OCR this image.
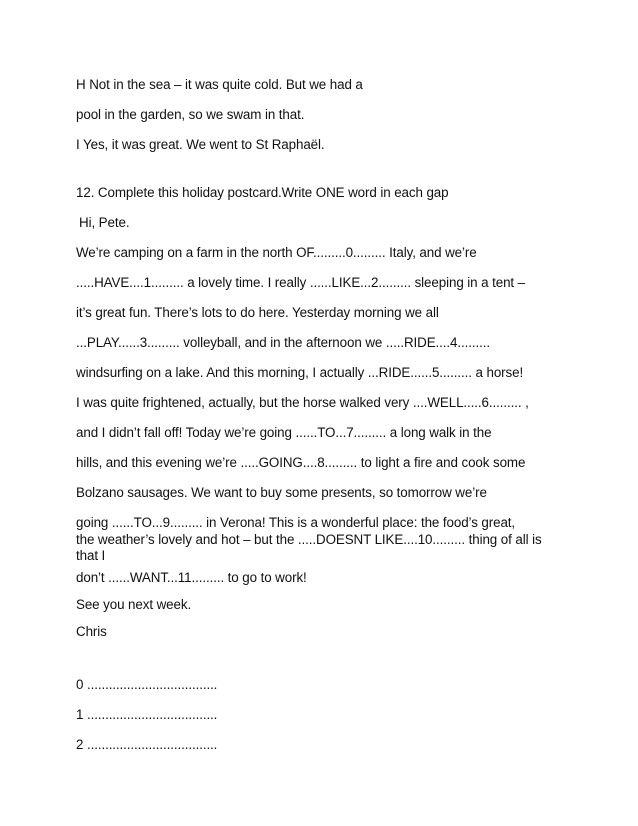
H Not in the sea – it was quite cold. But we had a
pool in the garden, so we swam in that.
I Yes, it was great. We went to St Raphaël.
12. Complete this holiday postcard.Write ONE word in each gap
Hi, Pete.
We’re camping on a farm in the north OF.........0......... Italy, and we’re
.....HAVE....1......... a lovely time. I really ......LIKE...2......... sleeping in a tent –
it’s great fun. There’s lots to do here. Yesterday morning we all
...PLAY......3......... volleyball, and in the afternoon we .....RIDE....4.........
windsurfing on a lake. And this morning, I actually ...RIDE......5......... a horse!
I was quite frightened, actually, but the horse walked very ....WELL.....6......... ,
and I didn’t fall off! Today we’re going ......TO...7......... a long walk in the
hills, and this evening we’re .....GOING....8......... to light a fire and cook some
Bolzano sausages. We want to buy some presents, so tomorrow we’re
going ......TO...9......... in Verona! This is a wonderful place: the food’s great,
the weather’s lovely and hot – but the .....DOESNT LIKE....10......... thing of all is that I
don’t ......WANT...11......... to go to work!
See you next week.
Chris
0 ....................................
1 ....................................
2 ....................................
